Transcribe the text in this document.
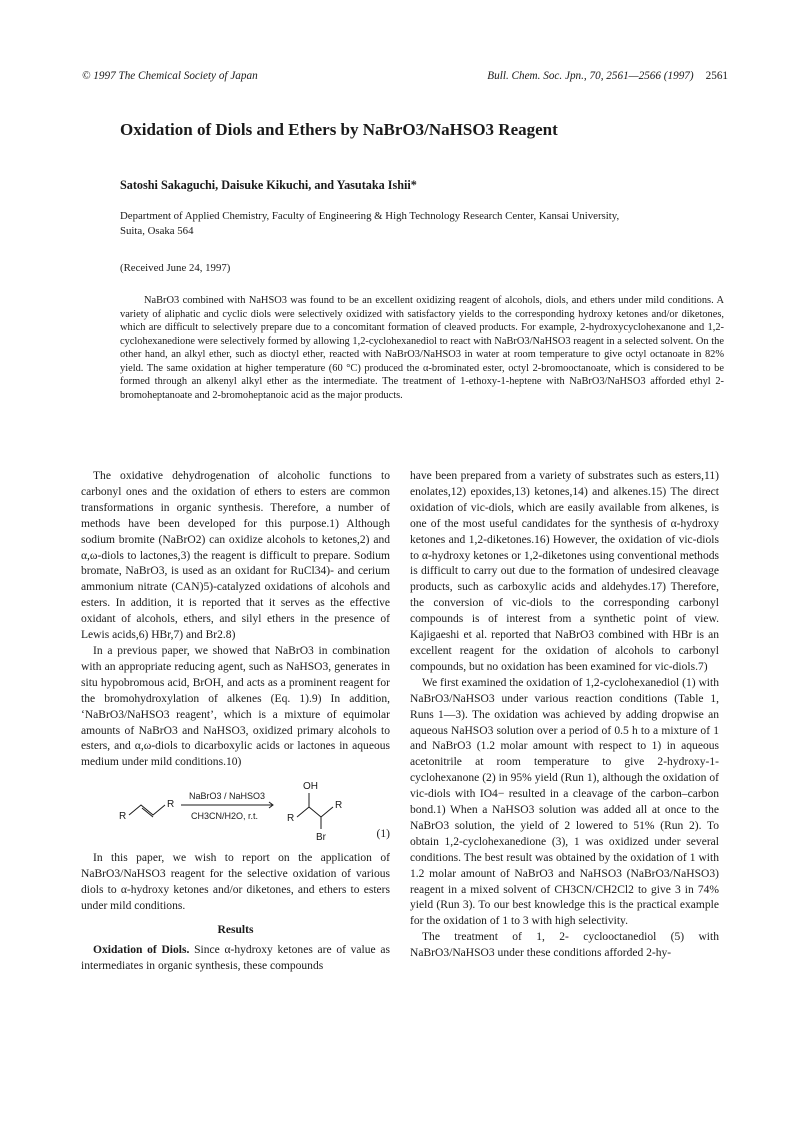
© 1997 The Chemical Society of Japan	Bull. Chem. Soc. Jpn., 70, 2561—2566 (1997) 2561
Oxidation of Diols and Ethers by NaBrO3/NaHSO3 Reagent
Satoshi Sakaguchi, Daisuke Kikuchi, and Yasutaka Ishii*
Department of Applied Chemistry, Faculty of Engineering & High Technology Research Center, Kansai University,
Suita, Osaka 564
(Received June 24, 1997)

NaBrO3 combined with NaHSO3 was found to be an excellent oxidizing reagent of alcohols, diols, and ethers under mild conditions. A variety of aliphatic and cyclic diols were selectively oxidized with satisfactory yields to the corresponding hydroxy ketones and/or diketones, which are difficult to selectively prepare due to a concomitant formation of cleaved products. For example, 2-hydroxycyclohexanone and 1,2-cyclohexanedione were selectively formed by allowing 1,2-cyclohexanediol to react with NaBrO3/NaHSO3 reagent in a selected solvent. On the other hand, an alkyl ether, such as dioctyl ether, reacted with NaBrO3/NaHSO3 in water at room temperature to give octyl octanoate in 82% yield. The same oxidation at higher temperature (60 °C) produced the α-brominated ester, octyl 2-bromooctanoate, which is considered to be formed through an alkenyl alkyl ether as the intermediate. The treatment of 1-ethoxy-1-heptene with NaBrO3/NaHSO3 afforded ethyl 2-bromoheptanoate and 2-bromoheptanoic acid as the major products.

The oxidative dehydrogenation of alcoholic functions to carbonyl ones and the oxidation of ethers to esters are common transformations in organic synthesis. Therefore, a number of methods have been developed for this purpose.1) Although sodium bromite (NaBrO2) can oxidize alcohols to ketones,2) and α,ω-diols to lactones,3) the reagent is difficult to prepare. Sodium bromate, NaBrO3, is used as an oxidant for RuCl34)- and cerium ammonium nitrate (CAN)5)-catalyzed oxidations of alcohols and esters. In addition, it is reported that it serves as the effective oxidant of alcohols, ethers, and silyl ethers in the presence of Lewis acids,6) HBr,7) and Br2.8)

In a previous paper, we showed that NaBrO3 in combination with an appropriate reducing agent, such as NaHSO3, generates in situ hypobromous acid, BrOH, and acts as a prominent reagent for the bromohydroxylation of alkenes (Eq. 1).9) In addition, ‘NaBrO3/NaHSO3 reagent’, which is a mixture of equimolar amounts of NaBrO3 and NaHSO3, oxidized primary alcohols to esters, and α,ω-diols to dicarboxylic acids or lactones in aqueous medium under mild conditions.10)

R
R
NaBrO3 / NaHSO3
CH3CN/H2O, r.t.	R
R
OH
Br	(1)

In this paper, we wish to report on the application of NaBrO3/NaHSO3 reagent for the selective oxidation of various diols to α-hydroxy ketones and/or diketones, and ethers to esters under mild conditions.

Results

Oxidation of Diols. Since α-hydroxy ketones are of value as intermediates in organic synthesis, these compounds

have been prepared from a variety of substrates such as esters,11) enolates,12) epoxides,13) ketones,14) and alkenes.15) The direct oxidation of vic-diols, which are easily available from alkenes, is one of the most useful candidates for the synthesis of α-hydroxy ketones and 1,2-diketones.16) However, the oxidation of vic-diols to α-hydroxy ketones or 1,2-diketones using conventional methods is difficult to carry out due to the formation of undesired cleavage products, such as carboxylic acids and aldehydes.17) Therefore, the conversion of vic-diols to the corresponding carbonyl compounds is of interest from a synthetic point of view. Kajigaeshi et al. reported that NaBrO3 combined with HBr is an excellent reagent for the oxidation of alcohols to carbonyl compounds, but no oxidation has been examined for vic-diols.7)

We first examined the oxidation of 1,2-cyclohexanediol (1) with NaBrO3/NaHSO3 under various reaction conditions (Table 1, Runs 1—3). The oxidation was achieved by adding dropwise an aqueous NaHSO3 solution over a period of 0.5 h to a mixture of 1 and NaBrO3 (1.2 molar amount with respect to 1) in aqueous acetonitrile at room temperature to give 2-hydroxy-1-cyclohexanone (2) in 95% yield (Run 1), although the oxidation of vic-diols with IO4− resulted in a cleavage of the carbon–carbon bond.1) When a NaHSO3 solution was added all at once to the NaBrO3 solution, the yield of 2 lowered to 51% (Run 2). To obtain 1,2-cyclohexanedione (3), 1 was oxidized under several conditions. The best result was obtained by the oxidation of 1 with 1.2 molar amount of NaBrO3 and NaHSO3 (NaBrO3/NaHSO3) reagent in a mixed solvent of CH3CN/CH2Cl2 to give 3 in 74% yield (Run 3). To our best knowledge this is the practical example for the oxidation of 1 to 3 with high selectivity.

The treatment of 1, 2- cyclooctanediol (5) with NaBrO3/NaHSO3 under these conditions afforded 2-hy-
